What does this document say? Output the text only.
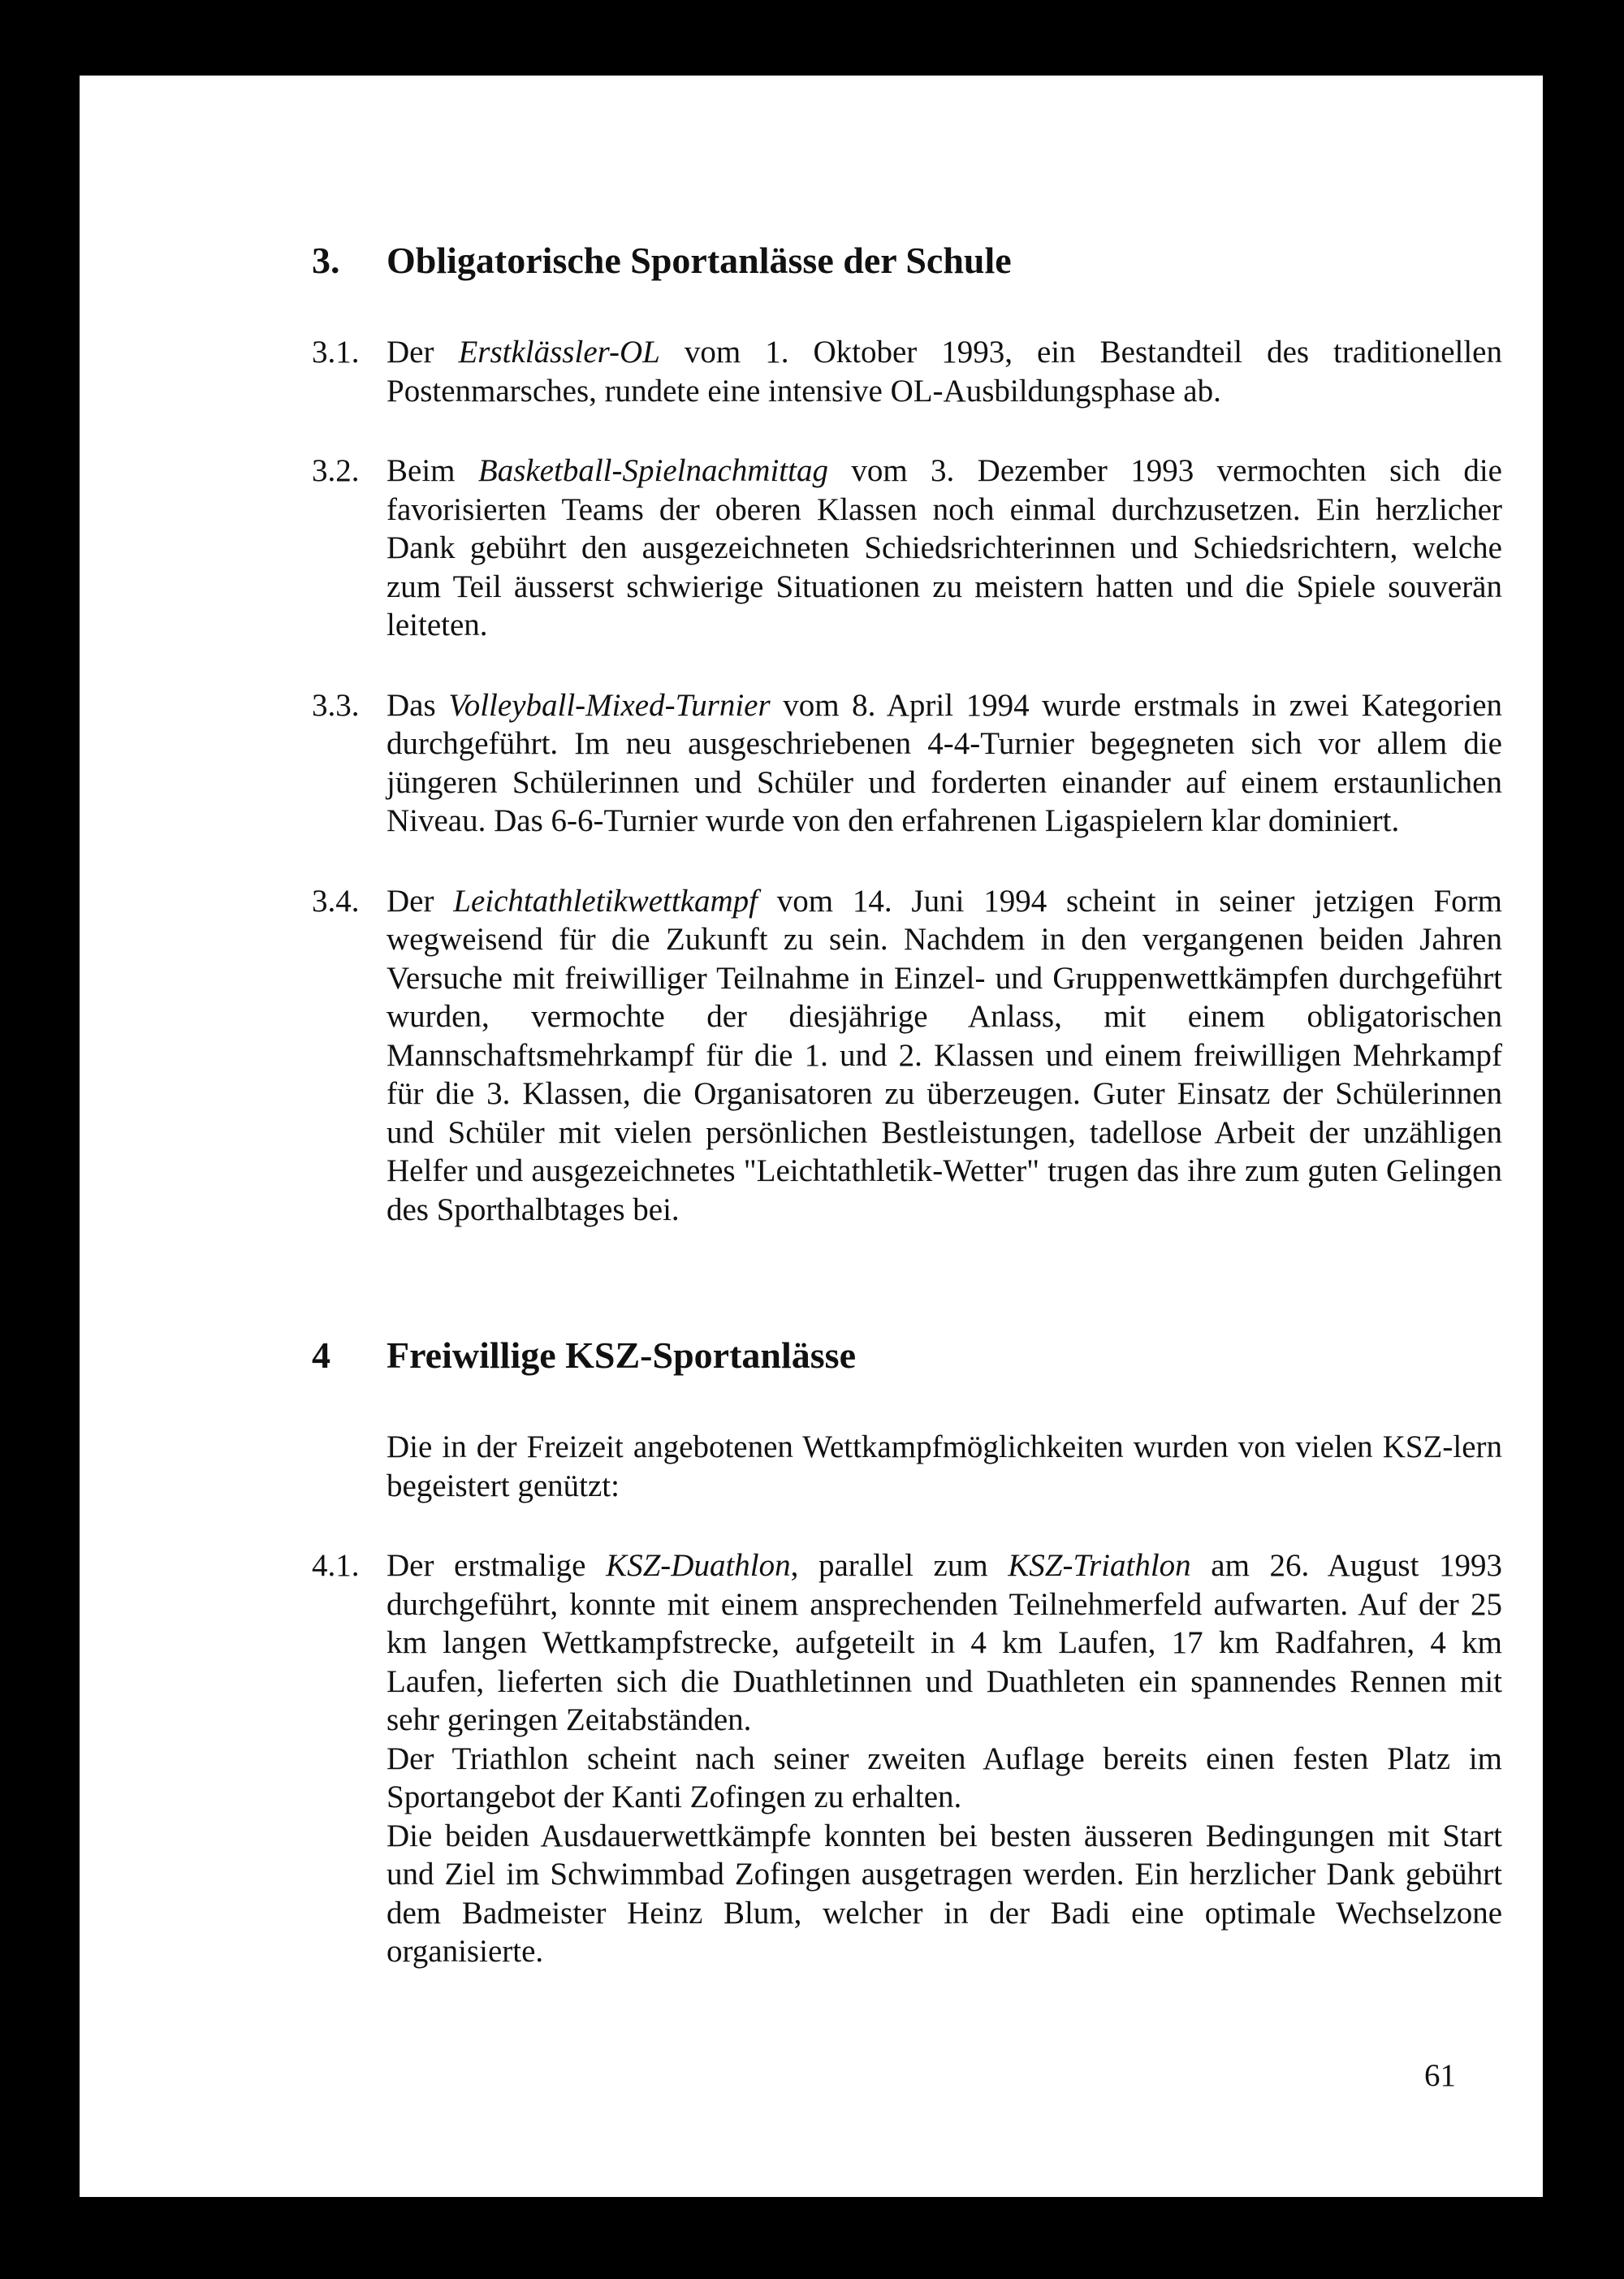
3.	Obligatorische Sportanlässe der Schule
3.1. Der Erstklässler-OL vom 1. Oktober 1993, ein Bestandteil des traditionellen Postenmarsches, rundete eine intensive OL-Ausbildungsphase ab.
3.2. Beim Basketball-Spielnachmittag vom 3. Dezember 1993 vermochten sich die favorisierten Teams der oberen Klassen noch einmal durchzusetzen. Ein herzlicher Dank gebührt den ausgezeichneten Schiedsrichterinnen und Schiedsrichtern, welche zum Teil äusserst schwierige Situationen zu meistern hatten und die Spiele souverän leiteten.
3.3. Das Volleyball-Mixed-Turnier vom 8. April 1994 wurde erstmals in zwei Kategorien durchgeführt. Im neu ausgeschriebenen 4-4-Turnier begegneten sich vor allem die jüngeren Schülerinnen und Schüler und forderten einander auf einem erstaunlichen Niveau. Das 6-6-Turnier wurde von den erfahrenen Ligaspielern klar dominiert.
3.4. Der Leichtathletikwettkampf vom 14. Juni 1994 scheint in seiner jetzigen Form wegweisend für die Zukunft zu sein. Nachdem in den vergangenen beiden Jahren Versuche mit freiwilliger Teilnahme in Einzel- und Gruppenwettkämpfen durchgeführt wurden, vermochte der diesjährige Anlass, mit einem obligatorischen Mannschaftsmehrkampf für die 1. und 2. Klassen und einem freiwilligen Mehrkampf für die 3. Klassen, die Organisatoren zu überzeugen. Guter Einsatz der Schülerinnen und Schüler mit vielen persönlichen Bestleistungen, tadellose Arbeit der unzähligen Helfer und ausgezeichnetes "Leichtathletik-Wetter" trugen das ihre zum guten Gelingen des Sporthalbtages bei.
4	Freiwillige KSZ-Sportanlässe
Die in der Freizeit angebotenen Wettkampfmöglichkeiten wurden von vielen KSZ-lern begeistert genützt:
4.1. Der erstmalige KSZ-Duathlon, parallel zum KSZ-Triathlon am 26. August 1993 durchgeführt, konnte mit einem ansprechenden Teilnehmerfeld aufwarten. Auf der 25 km langen Wettkampfstrecke, aufgeteilt in 4 km Laufen, 17 km Radfahren, 4 km Laufen, lieferten sich die Duathletinnen und Duathleten ein spannendes Rennen mit sehr geringen Zeitabständen.

Der Triathlon scheint nach seiner zweiten Auflage bereits einen festen Platz im Sportangebot der Kanti Zofingen zu erhalten.

Die beiden Ausdauerwettkämpfe konnten bei besten äusseren Bedingungen mit Start und Ziel im Schwimmbad Zofingen ausgetragen werden. Ein herzlicher Dank gebührt dem Badmeister Heinz Blum, welcher in der Badi eine optimale Wechselzone organisierte.

61
